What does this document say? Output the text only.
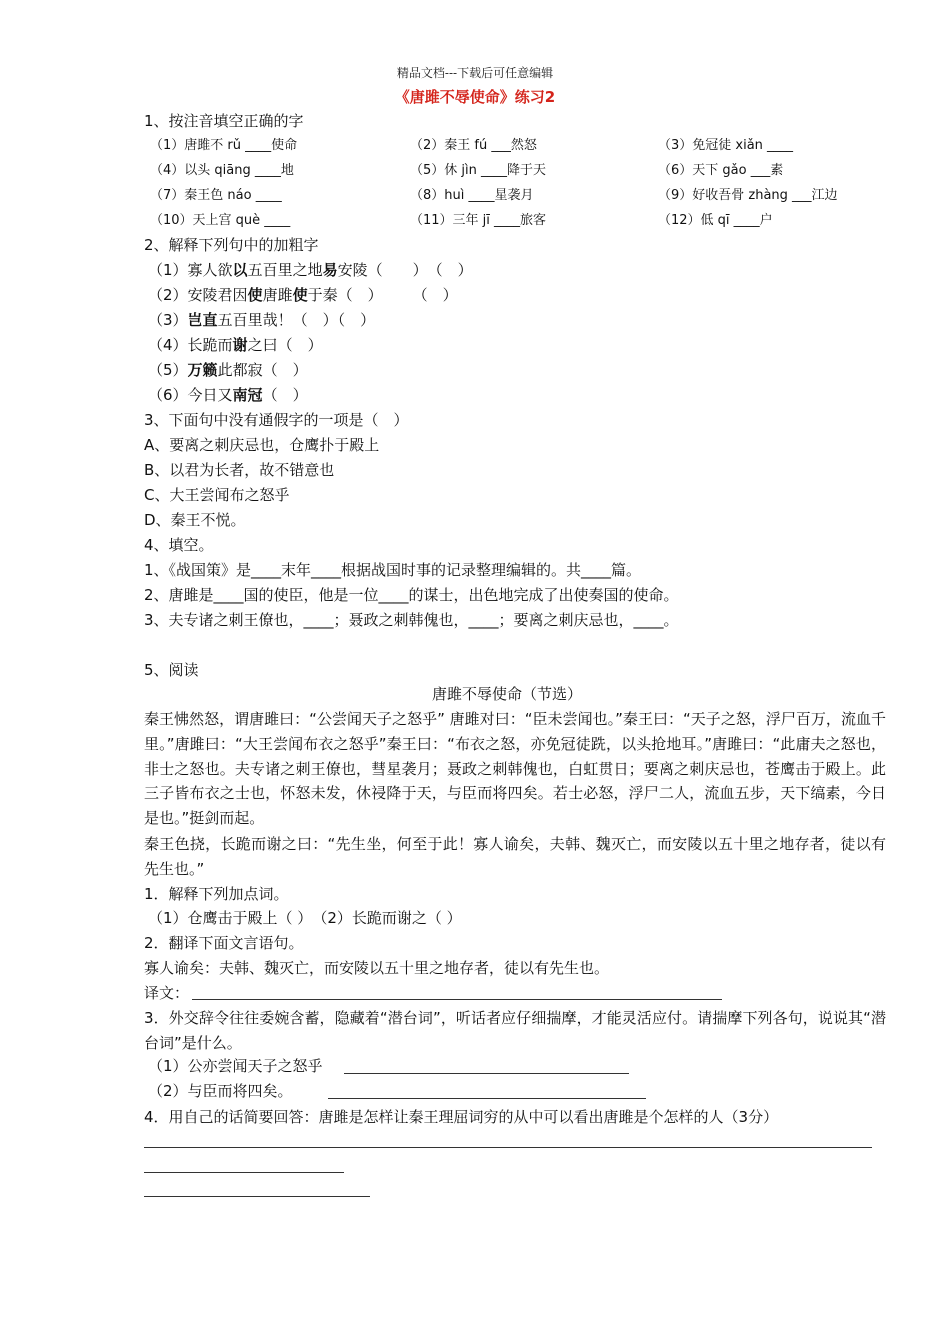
精品文档---下载后可任意编辑
《唐雎不辱使命》练习2
1、按注音填空正确的字
（1）唐雎不 rǔ ____使命	（2）秦王 fú ___然怒	（3）免冠徒 xiǎn ____
（4）以头 qiāng ____地	（5）休 jìn ____降于天	（6）天下 gǎo ___素
（7）秦王色 náo ____	（8）huì ____星袭月	（9）好收吾骨 zhàng ___江边
（10）天上宫 què ____	（11）三年 jī ____旅客	（12）低 qī ____户
2、解释下列句中的加粗字
（1）寡人欲以五百里之地易安陵（　　）　（　）
（2）安陵君因使唐雎使于秦（　）　　　（　）
（3）岂直五百里哉！（　）（　）
（4）长跪而谢之曰（　）
（5）万籁此都寂（　）
（6）今日又南冠（　）
3、下面句中没有通假字的一项是（　）
A、要离之刺庆忌也，仓鹰扑于殿上
B、以君为长者，故不错意也
C、大王尝闻布之怒乎
D、秦王不悦。
4、填空。
1、《战国策》是____末年____根据战国时事的记录整理编辑的。共____篇。
2、唐雎是____国的使臣，他是一位____的谋士，出色地完成了出使奏国的使命。
3、夫专诸之刺王僚也，____；聂政之刺韩傀也，____；要离之刺庆忌也，____。
5、阅读
唐雎不辱使命（节选）
秦王怫然怒，谓唐雎曰：“公尝闻天子之怒乎” 唐雎对曰：“臣未尝闻也。”秦王曰：“天子之怒，浮尸百万，流血千里。”唐雎曰：“大王尝闻布衣之怒乎”秦王曰：“布衣之怒，亦免冠徒跣，以头抢地耳。”唐雎曰：“此庸夫之怒也，非士之怒也。夫专诸之刺王僚也，彗星袭月；聂政之刺韩傀也，白虹贯日；要离之刺庆忌也，苍鹰击于殿上。此三子皆布衣之士也，怀怒未发，休祲降于天，与臣而将四矣。若士必怒，浮尸二人，流血五步，天下缟素，今日是也。”挺剑而起。
秦王色挠，长跪而谢之曰：“先生坐，何至于此！寡人谕矣，夫韩、魏灭亡，而安陵以五十里之地存者，徒以有先生也。”
1．解释下列加点词。
（1）仓鹰击于殿上（ ）　（2）长跪而谢之（ ）
2．翻译下面文言语句。
寡人谕矣：夫韩、魏灭亡，而安陵以五十里之地存者，徒以有先生也。
译文：
3．外交辞令往往委婉含蓄，隐藏着“潜台词”，听话者应仔细揣摩，才能灵活应付。请揣摩下列各句，说说其“潜台词”是什么。
（1）公亦尝闻天子之怒乎
（2）与臣而将四矣。
4．用自己的话简要回答：唐雎是怎样让秦王理屈词穷的从中可以看出唐雎是个怎样的人（3分）
